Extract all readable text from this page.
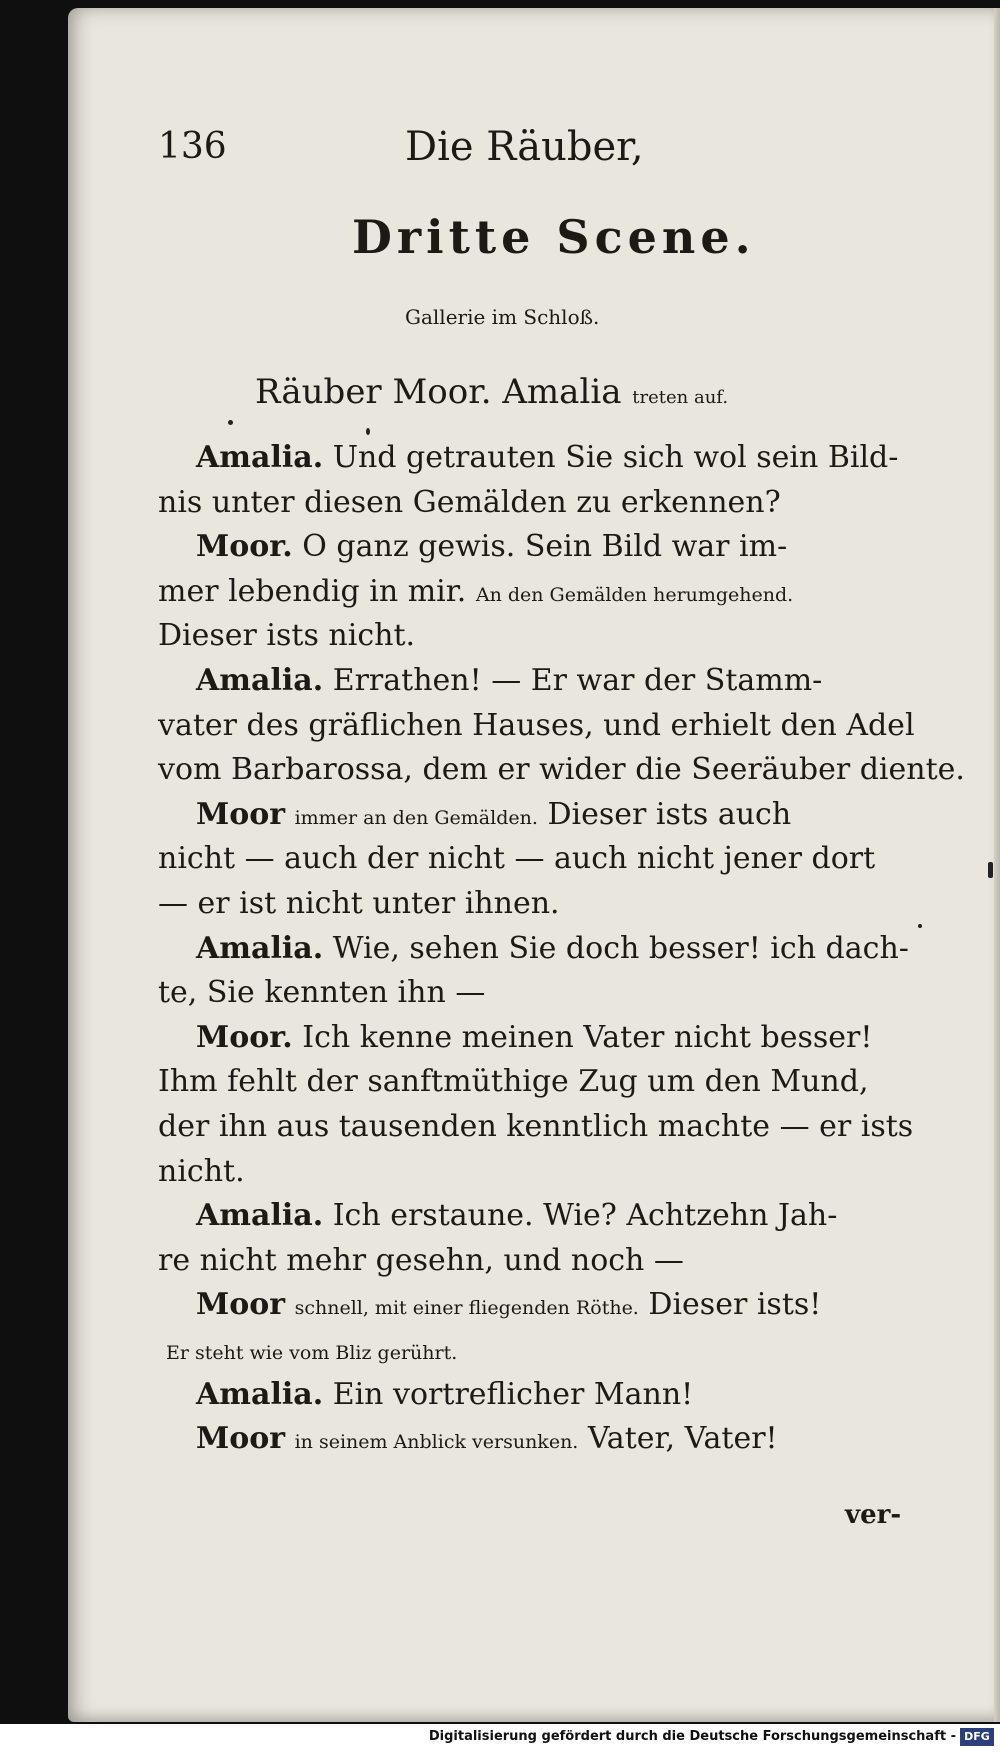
136	Die Räuber,
Dritte Scene.
Gallerie im Schloß.
Räuber Moor. Amalia treten auf.
Amalia. Und getrauten Sie sich wol sein Bild-
nis unter diesen Gemälden zu erkennen?
Moor. O ganz gewis. Sein Bild war im-
mer lebendig in mir. An den Gemälden herumgehend.
Dieser ists nicht.
Amalia. Errathen! — Er war der Stamm-
vater des gräflichen Hauses, und erhielt den Adel
vom Barbarossa, dem er wider die Seeräuber diente.
Moor immer an den Gemälden. Dieser ists auch
nicht — auch der nicht — auch nicht jener dort
— er ist nicht unter ihnen.
Amalia. Wie, sehen Sie doch besser! ich dach-
te, Sie kennten ihn —
Moor. Ich kenne meinen Vater nicht besser!
Ihm fehlt der sanftmüthige Zug um den Mund,
der ihn aus tausenden kenntlich machte — er ists
nicht.
Amalia. Ich erstaune. Wie? Achtzehn Jah-
re nicht mehr gesehn, und noch —
Moor schnell, mit einer fliegenden Röthe. Dieser ists!
Er steht wie vom Bliz gerührt.
Amalia. Ein vortreflicher Mann!
Moor in seinem Anblick versunken. Vater, Vater!
ver-
Digitalisierung gefördert durch die Deutsche Forschungsgemeinschaft - DFG
